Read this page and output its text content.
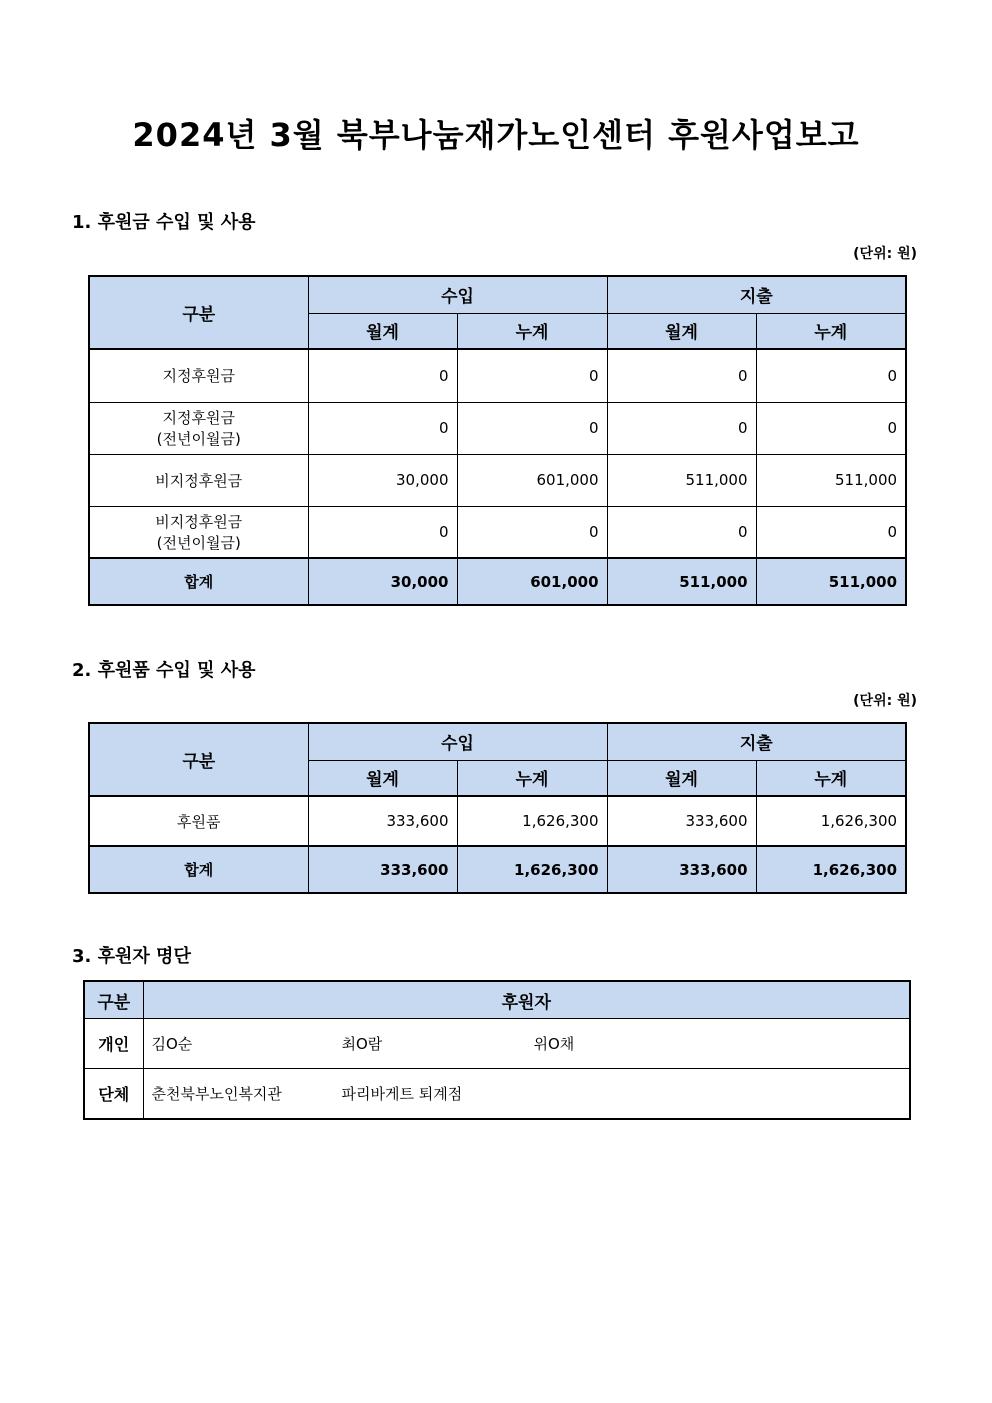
2024년 3월 북부나눔재가노인센터 후원사업보고
1. 후원금 수입 및 사용
(단위: 원)
구분	수입		지출	
	월계	누계	월계	누계
지정후원금	0	0	0	0
지정후원금
(전년이월금)	0	0	0	0
비지정후원금	30,000	601,000	511,000	511,000
비지정후원금
(전년이월금)	0	0	0	0
합계	30,000	601,000	511,000	511,000
2. 후원품 수입 및 사용
(단위: 원)
구분	수입		지출	
	월계	누계	월계	누계
후원품	333,600	1,626,300	333,600	1,626,300
합계	333,600	1,626,300	333,600	1,626,300
3. 후원자 명단
구분	후원자
개인	김O순 최O람 위O채
단체	춘천북부노인복지관 파리바게트 퇴계점
